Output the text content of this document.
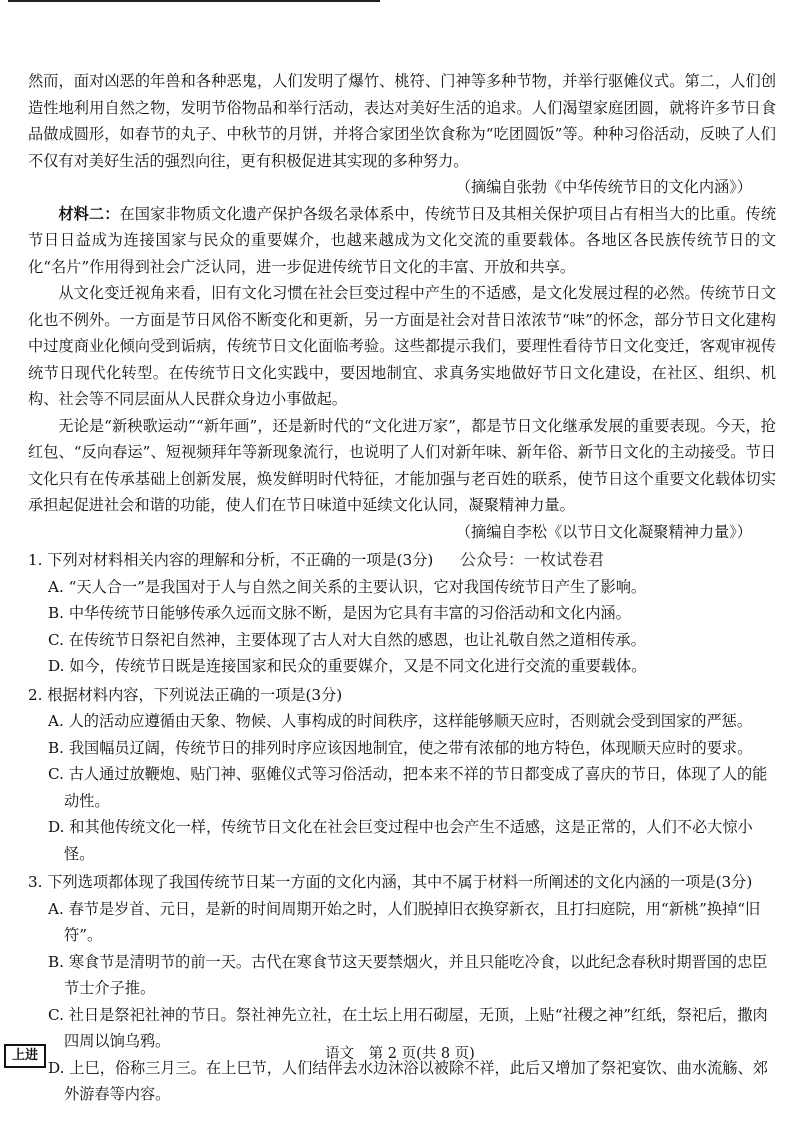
然而，面对凶恶的年兽和各种恶鬼，人们发明了爆竹、桃符、门神等多种节物，并举行驱傩仪式。第二，人们创造性地利用自然之物，发明节俗物品和举行活动，表达对美好生活的追求。人们渴望家庭团圆，就将许多节日食品做成圆形，如春节的丸子、中秋节的月饼，并将合家团坐饮食称为“吃团圆饭”等。种种习俗活动，反映了人们不仅有对美好生活的强烈向往，更有积极促进其实现的多种努力。

（摘编自张勃《中华传统节日的文化内涵》）

材料二：在国家非物质文化遗产保护各级名录体系中，传统节日及其相关保护项目占有相当大的比重。传统节日日益成为连接国家与民众的重要媒介，也越来越成为文化交流的重要载体。各地区各民族传统节日的文化“名片”作用得到社会广泛认同，进一步促进传统节日文化的丰富、开放和共享。

从文化变迁视角来看，旧有文化习惯在社会巨变过程中产生的不适感，是文化发展过程的必然。传统节日文化也不例外。一方面是节日风俗不断变化和更新，另一方面是社会对昔日浓浓节“味”的怀念，部分节日文化建构中过度商业化倾向受到诟病，传统节日文化面临考验。这些都提示我们，要理性看待节日文化变迁，客观审视传统节日现代化转型。在传统节日文化实践中，要因地制宜、求真务实地做好节日文化建设，在社区、组织、机构、社会等不同层面从人民群众身边小事做起。

无论是“新秧歌运动”“新年画”，还是新时代的“文化进万家”，都是节日文化继承发展的重要表现。今天，抢红包、“反向春运”、短视频拜年等新现象流行，也说明了人们对新年味、新年俗、新节日文化的主动接受。节日文化只有在传承基础上创新发展，焕发鲜明时代特征，才能加强与老百姓的联系，使节日这个重要文化载体切实承担起促进社会和谐的功能，使人们在节日味道中延续文化认同，凝聚精神力量。

（摘编自李松《以节日文化凝聚精神力量》）

1. 下列对材料相关内容的理解和分析，不正确的一项是(3分) 公众号：一枚试卷君

A. “天人合一”是我国对于人与自然之间关系的主要认识，它对我国传统节日产生了影响。

B. 中华传统节日能够传承久远而文脉不断，是因为它具有丰富的习俗活动和文化内涵。

C. 在传统节日祭祀自然神，主要体现了古人对大自然的感恩，也让礼敬自然之道相传承。

D. 如今，传统节日既是连接国家和民众的重要媒介，又是不同文化进行交流的重要载体。

2. 根据材料内容，下列说法正确的一项是(3分)

A. 人的活动应遵循由天象、物候、人事构成的时间秩序，这样能够顺天应时，否则就会受到国家的严惩。

B. 我国幅员辽阔，传统节日的排列时序应该因地制宜，使之带有浓郁的地方特色，体现顺天应时的要求。

C. 古人通过放鞭炮、贴门神、驱傩仪式等习俗活动，把本来不祥的节日都变成了喜庆的节日，体现了人的能动性。

D. 和其他传统文化一样，传统节日文化在社会巨变过程中也会产生不适感，这是正常的，人们不必大惊小怪。

3. 下列选项都体现了我国传统节日某一方面的文化内涵，其中不属于材料一所阐述的文化内涵的一项是(3分)

A. 春节是岁首、元日，是新的时间周期开始之时，人们脱掉旧衣换穿新衣，且打扫庭院，用“新桃”换掉“旧符”。

B. 寒食节是清明节的前一天。古代在寒食节这天要禁烟火，并且只能吃冷食，以此纪念春秋时期晋国的忠臣节士介子推。

C. 社日是祭祀社神的节日。祭社神先立社，在土坛上用石砌屋，无顶，上贴“社稷之神”红纸，祭祀后，撒肉四周以饷乌鸦。

D. 上巳，俗称三月三。在上巳节，人们结伴去水边沐浴以被除不祥，此后又增加了祭祀宴饮、曲水流觞、郊外游春等内容。

上进	语文　第 2 页(共 8 页)
